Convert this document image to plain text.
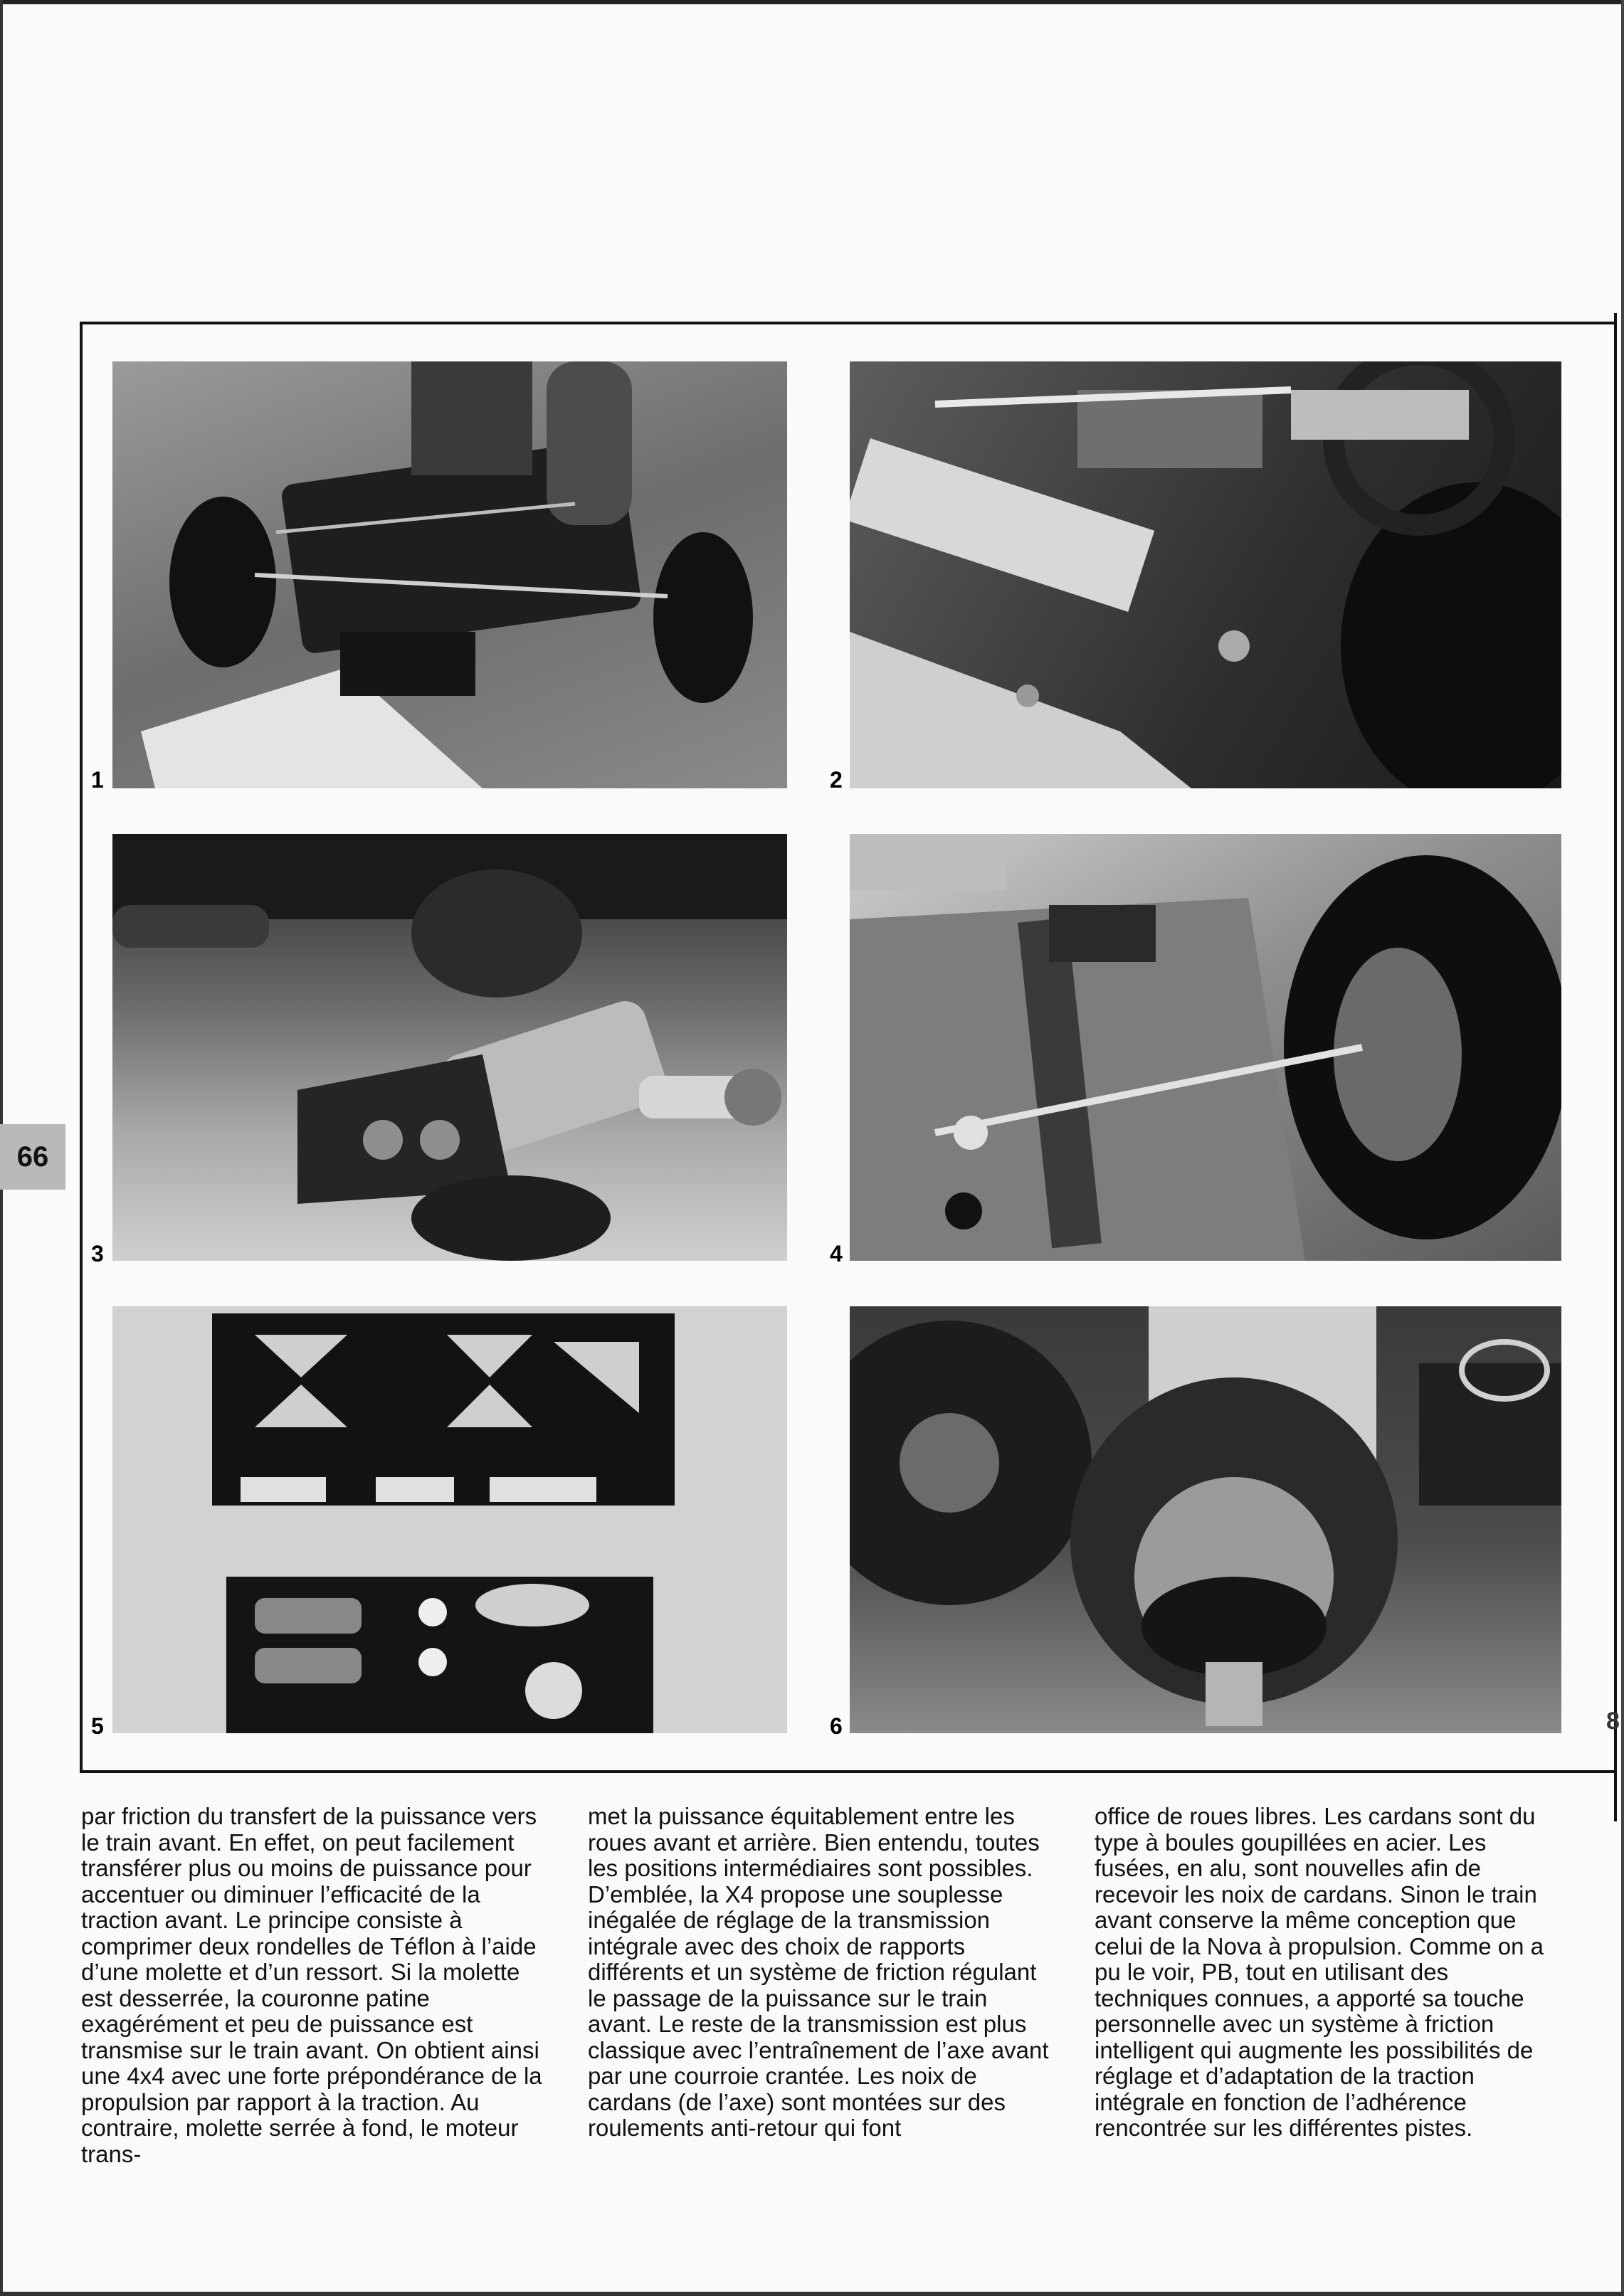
1	2
3	4
5	6
66
8

par friction du transfert de la puissance vers le train avant. En effet, on peut facilement transférer plus ou moins de puissance pour accentuer ou diminuer l’efficacité de la traction avant. Le principe consiste à comprimer deux rondelles de Téflon à l’aide d’une molette et d’un ressort. Si la molette est desserrée, la couronne patine exagérément et peu de puissance est transmise sur le train avant. On obtient ainsi une 4x4 avec une forte prépondérance de la propulsion par rapport à la traction. Au contraire, molette serrée à fond, le moteur trans-

met la puissance équitablement entre les roues avant et arrière. Bien entendu, toutes les positions intermédiaires sont possibles. D’emblée, la X4 propose une souplesse inégalée de réglage de la transmission intégrale avec des choix de rapports différents et un système de friction régulant le passage de la puissance sur le train avant. Le reste de la transmission est plus classique avec l’entraînement de l’axe avant par une courroie crantée. Les noix de cardans (de l’axe) sont montées sur des roulements anti-retour qui font

office de roues libres. Les cardans sont du type à boules goupillées en acier. Les fusées, en alu, sont nouvelles afin de recevoir les noix de cardans. Sinon le train avant conserve la même conception que celui de la Nova à propulsion. Comme on a pu le voir, PB, tout en utilisant des techniques connues, a apporté sa touche personnelle avec un système à friction intelligent qui augmente les possibilités de réglage et d’adaptation de la traction intégrale en fonction de l’adhérence rencontrée sur les différentes pistes.
